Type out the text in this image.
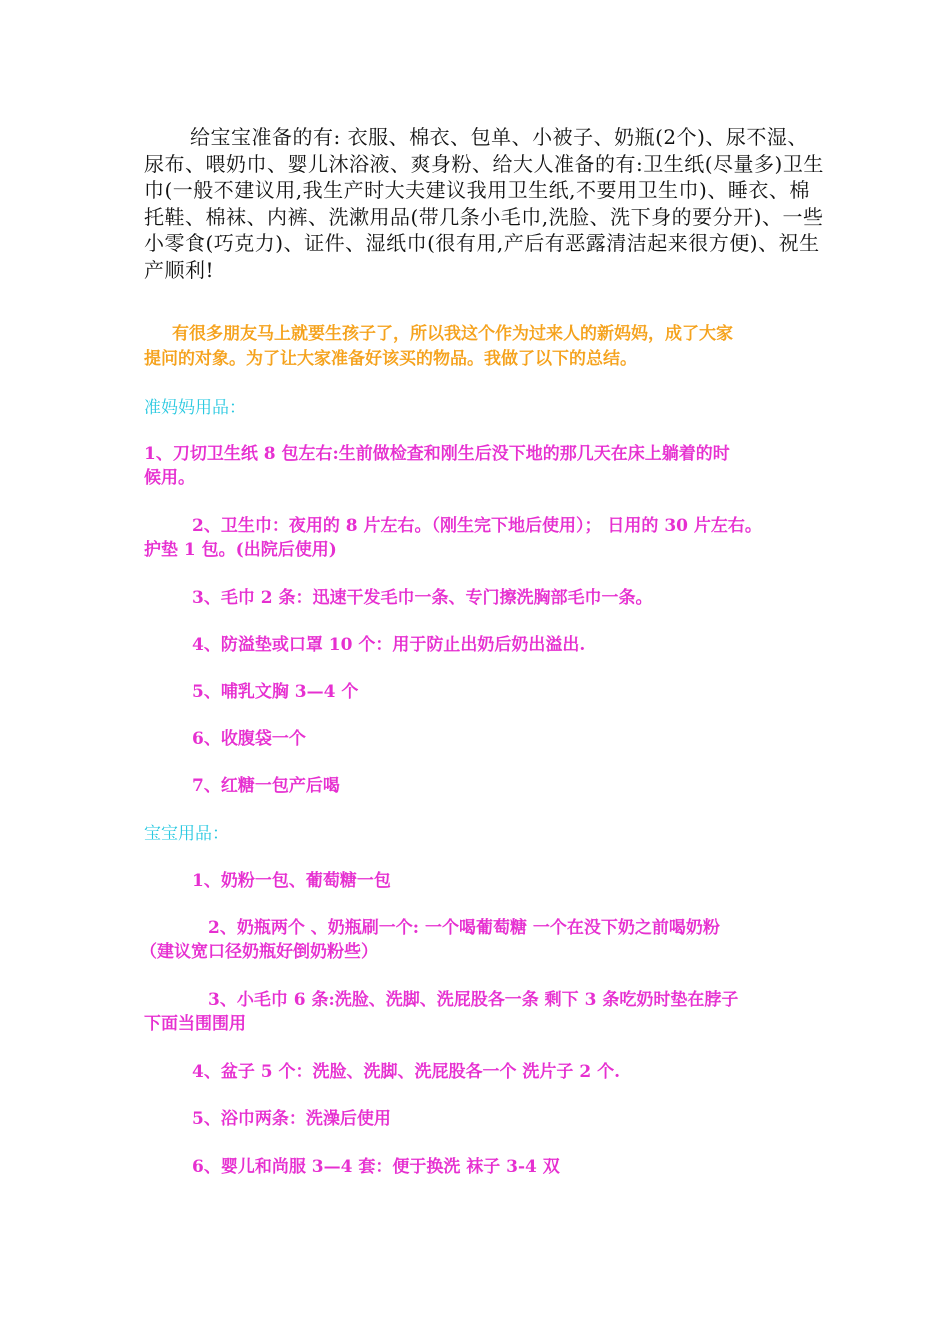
给宝宝准备的有: 衣服、棉衣、包单、小被子、奶瓶(2个)、尿不湿、尿布、喂奶巾、婴儿沐浴液、爽身粉、给大人准备的有:卫生纸(尽量多)卫生巾(一般不建议用,我生产时大夫建议我用卫生纸,不要用卫生巾)、睡衣、棉托鞋、棉袜、内裤、洗漱用品(带几条小毛巾,洗脸、洗下身的要分开)、一些小零食(巧克力)、证件、湿纸巾(很有用,产后有恶露清洁起来很方便)、祝生产顺利!

有很多朋友马上就要生孩子了，所以我这个作为过来人的新妈妈，成了大家

提问的对象。为了让大家准备好该买的物品。我做了以下的总结。

准妈妈用品：

1、刀切卫生纸 8 包左右:生前做检查和刚生后没下地的那几天在床上躺着的时

候用。

2、卫生巾：夜用的 8 片左右。（刚生完下地后使用）； 日用的 30 片左右。

护垫 1 包。(出院后使用)

3、毛巾 2 条：迅速干发毛巾一条、专门擦洗胸部毛巾一条。

4、防溢垫或口罩 10 个：用于防止出奶后奶出溢出.

5、哺乳文胸 3—4 个

6、收腹袋一个

7、红糖一包产后喝

宝宝用品：

1、奶粉一包、葡萄糖一包

2、奶瓶两个 、奶瓶刷一个: 一个喝葡萄糖 一个在没下奶之前喝奶粉

（建议宽口径奶瓶好倒奶粉些）

3、小毛巾 6 条:洗脸、洗脚、洗屁股各一条 剩下 3 条吃奶时垫在脖子

下面当围围用

4、盆子 5 个：洗脸、洗脚、洗屁股各一个 洗片子 2 个.

5、浴巾两条：洗澡后使用

6、婴儿和尚服 3—4 套：便于换洗 袜子 3-4 双
